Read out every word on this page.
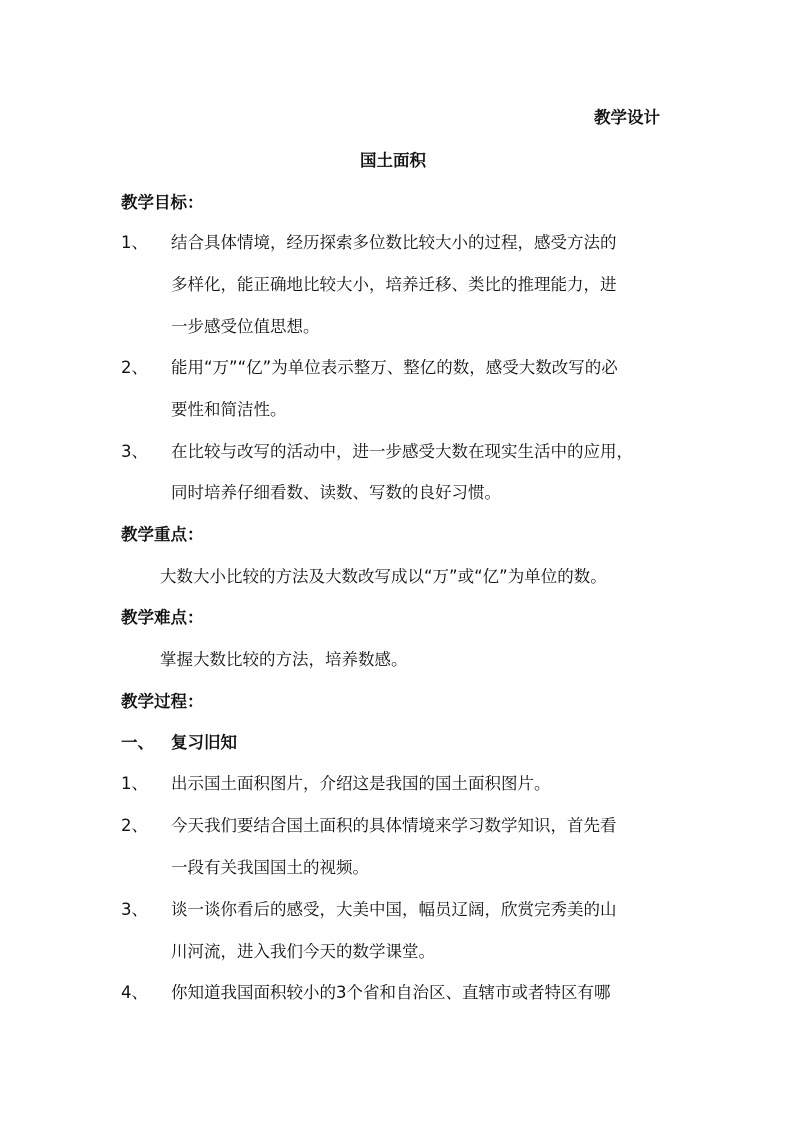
教学设计
国土面积
教学目标：
1、 结合具体情境，经历探索多位数比较大小的过程，感受方法的
多样化，能正确地比较大小，培养迁移、类比的推理能力，进
一步感受位值思想。
2、 能用“万”“亿”为单位表示整万、整亿的数，感受大数改写的必
要性和简洁性。
3、 在比较与改写的活动中，进一步感受大数在现实生活中的应用，
同时培养仔细看数、读数、写数的良好习惯。
教学重点：
大数大小比较的方法及大数改写成以“万”或“亿”为单位的数。
教学难点：
掌握大数比较的方法，培养数感。
教学过程：
一、 复习旧知
1、 出示国土面积图片，介绍这是我国的国土面积图片。
2、 今天我们要结合国土面积的具体情境来学习数学知识，首先看
一段有关我国国土的视频。
3、 谈一谈你看后的感受，大美中国，幅员辽阔，欣赏完秀美的山
川河流，进入我们今天的数学课堂。
4、 你知道我国面积较小的3个省和自治区、直辖市或者特区有哪
